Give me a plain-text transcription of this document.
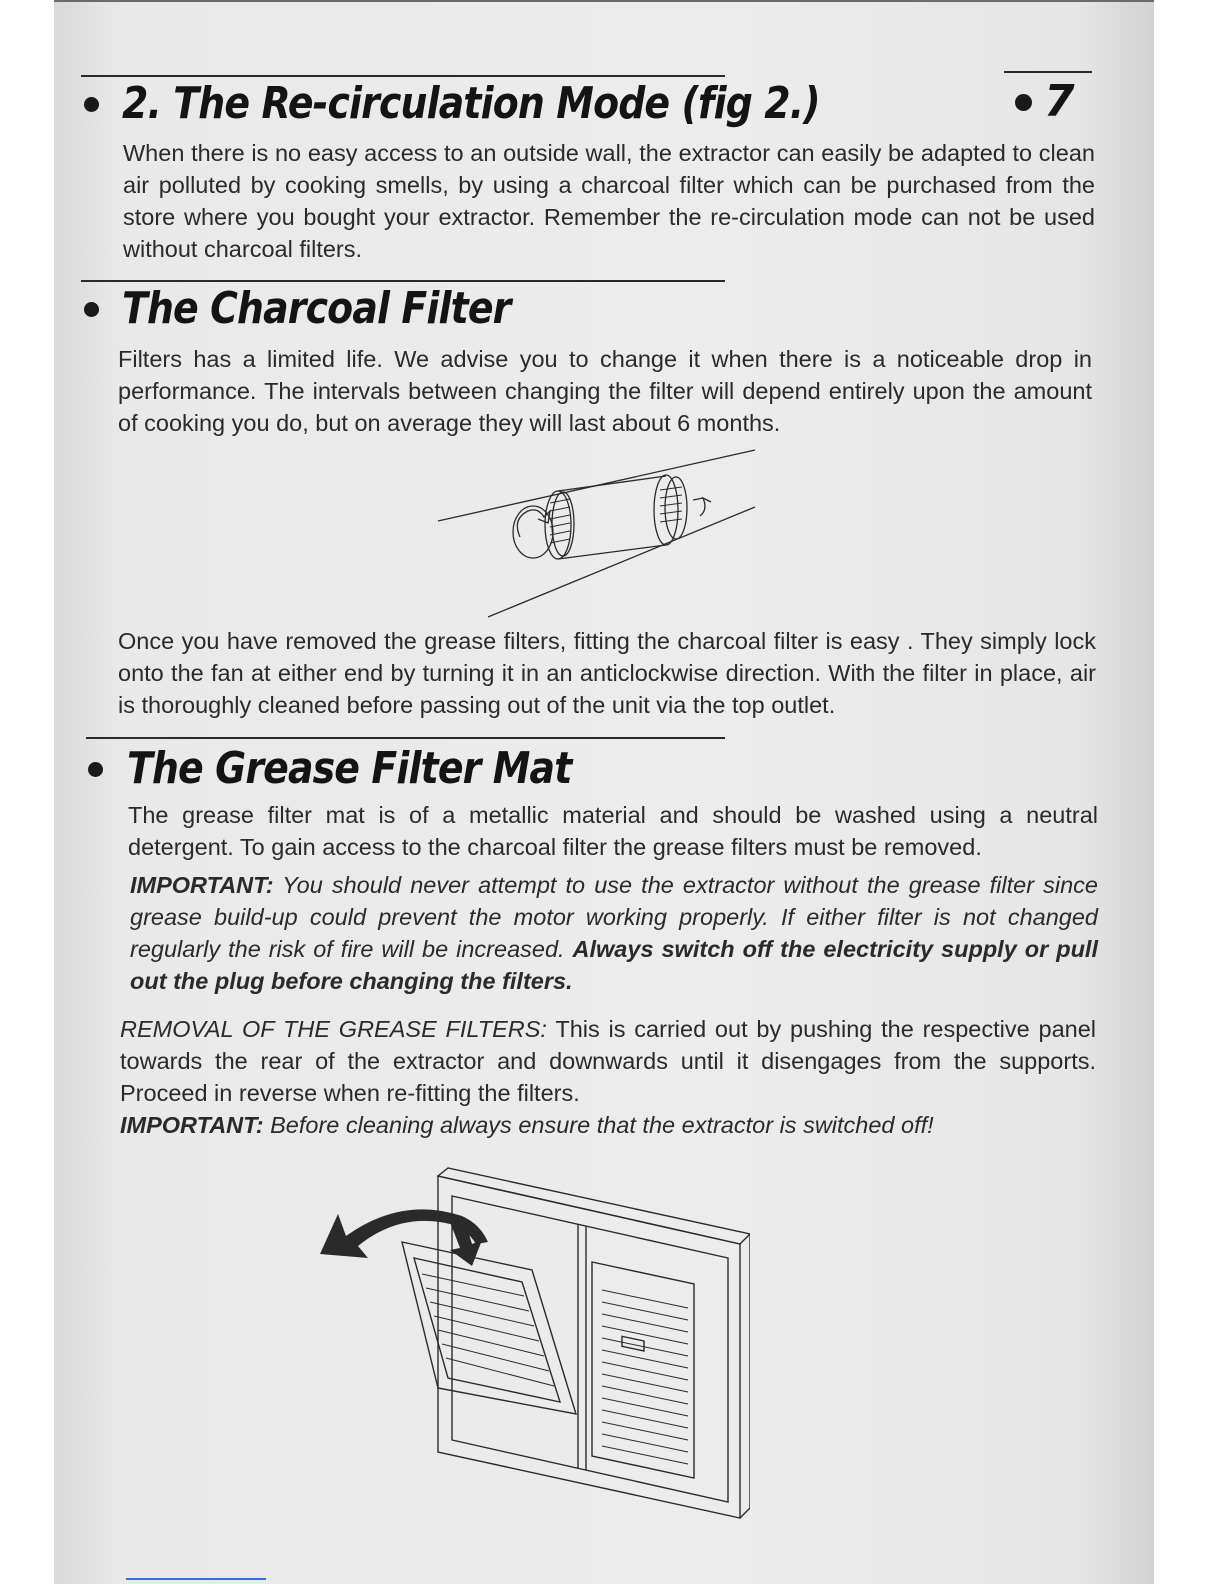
7

2. The Re-circulation Mode (fig 2.)

When there is no easy access to an outside wall, the extractor can easily be adapted to clean air polluted by cooking smells, by using a charcoal filter which can be purchased from the store where you bought your extractor. Remember the re-circulation mode can not be used without charcoal filters.

The Charcoal Filter

Filters has a limited life. We advise you to change it when there is a noticeable drop in performance. The intervals between changing the filter will depend entirely upon the amount of cooking you do, but on average they will last about 6 months.

Once you have removed the grease filters, fitting the charcoal filter is easy . They simply lock onto the fan at either end by turning it in an anticlockwise direction. With the filter in place, air is thoroughly cleaned before passing out of the unit via the top outlet.

The Grease Filter Mat

The grease filter mat is of a metallic material and should be washed using a neutral detergent. To gain access to the charcoal filter the grease filters must be removed.

IMPORTANT: You should never attempt to use the extractor without the grease filter since grease build-up could prevent the motor working properly. If either filter is not changed regularly the risk of fire will be increased. Always switch off the electricity supply or pull out the plug before changing the filters.

REMOVAL OF THE GREASE FILTERS: This is carried out by pushing the respective panel towards the rear of the extractor and downwards until it disengages from the supports. Proceed in reverse when re-fitting the filters.

IMPORTANT: Before cleaning always ensure that the extractor is switched off!
